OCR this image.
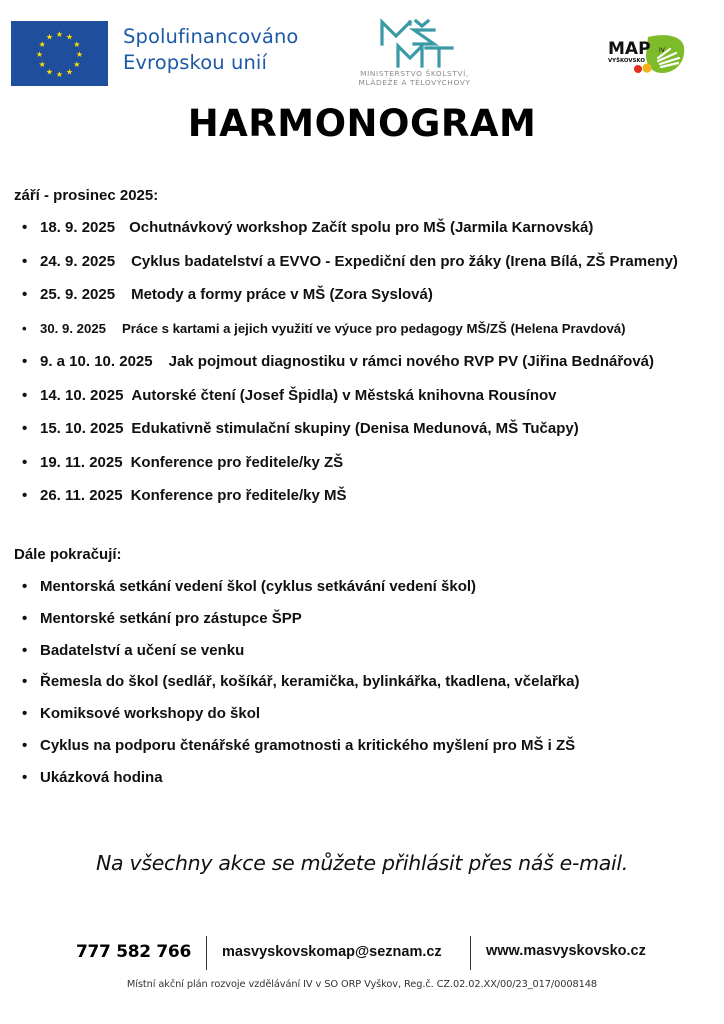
★ ★
★
★
★
★
★
★
★
★
★
★	Spolufinancováno
Evropskou unií	MINISTERSTVO ŠKOLSTVÍ,
MLÁDEŽE A TĚLOVÝCHOVY
MAP IV
VYŠKOVSKO
HARMONOGRAM
září - prosinec 2025:
• 18. 9. 2025 Ochutnávkový workshop Začít spolu pro MŠ (Jarmila Karnovská)
• 24. 9. 2025 Cyklus badatelství a EVVO - Expediční den pro žáky (Irena Bílá, ZŠ Prameny)
• 25. 9. 2025 Metody a formy práce v MŠ (Zora Syslová)
• 30. 9. 2025 Práce s kartami a jejich využití ve výuce pro pedagogy MŠ/ZŠ (Helena Pravdová)
• 9. a 10. 10. 2025 Jak pojmout diagnostiku v rámci nového RVP PV (Jiřina Bednářová)
• 14. 10. 2025 Autorské čtení (Josef Špidla) v Městská knihovna Rousínov
• 15. 10. 2025 Edukativně stimulační skupiny (Denisa Medunová, MŠ Tučapy)
• 19. 11. 2025 Konference pro ředitele/ky ZŠ
• 26. 11. 2025 Konference pro ředitele/ky MŠ
Dále pokračují:
• Mentorská setkání vedení škol (cyklus setkávání vedení škol)
• Mentorské setkání pro zástupce ŠPP
• Badatelství a učení se venku
• Řemesla do škol (sedlář, košíkář, keramička, bylinkářka, tkadlena, včelařka)
• Komiksové workshopy do škol
• Cyklus na podporu čtenářské gramotnosti a kritického myšlení pro MŠ i ZŠ
• Ukázková hodina
Na všechny akce se můžete přihlásit přes náš e-mail.
777 582 766 masvyskovskomap@seznam.cz	www.masvyskovsko.cz
Místní akční plán rozvoje vzdělávání IV v SO ORP Vyškov, Reg.č. CZ.02.02.XX/00/23_017/0008148
